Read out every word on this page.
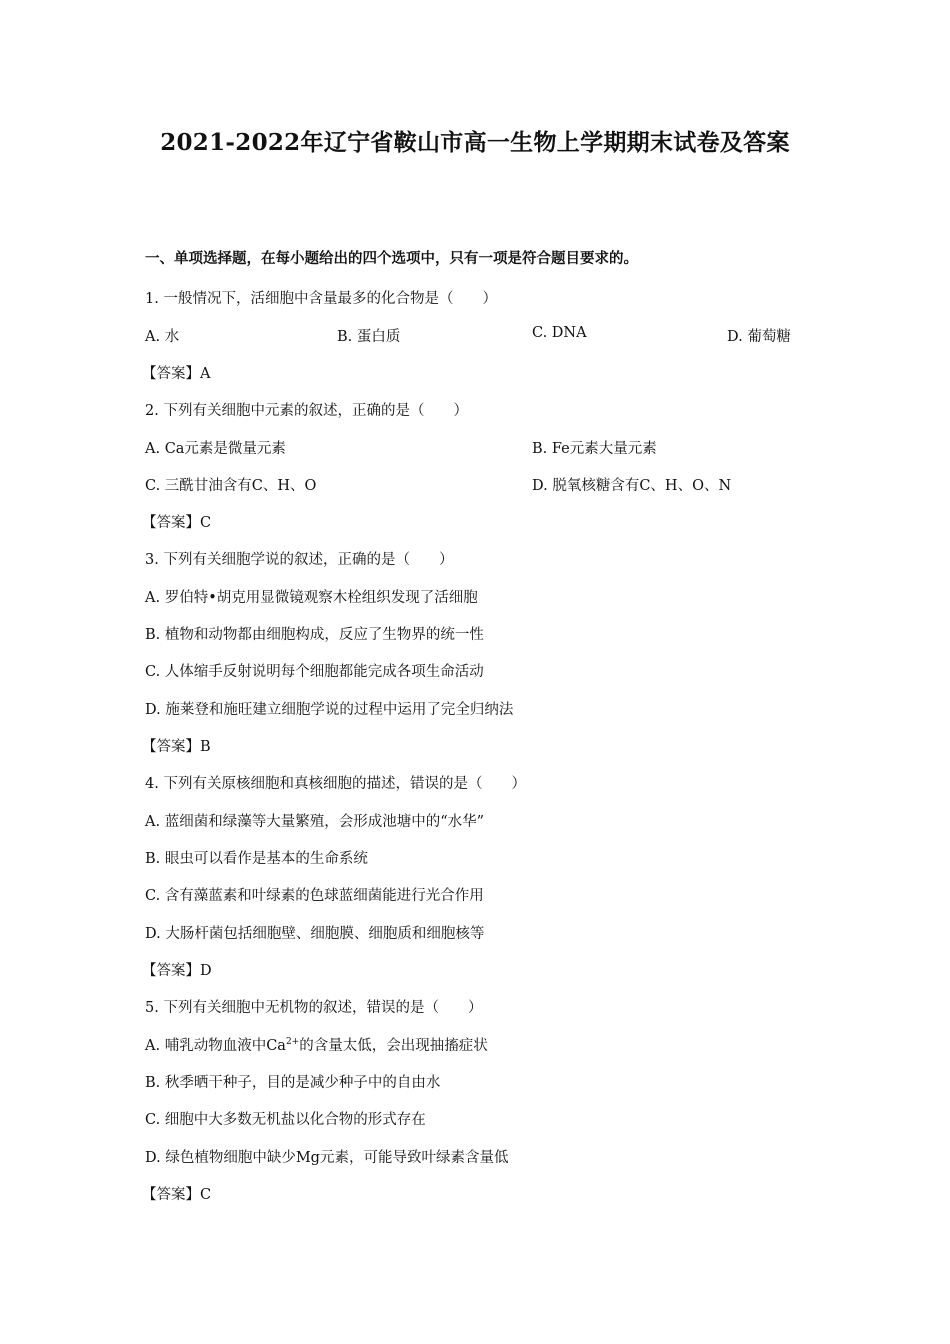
2021-2022年辽宁省鞍山市高一生物上学期期末试卷及答案
一、单项选择题，在每小题给出的四个选项中，只有一项是符合题目要求的。
1. 一般情况下，活细胞中含量最多的化合物是（　　）
A. 水	B. 蛋白质	C. DNA	D. 葡萄糖
【答案】A
2. 下列有关细胞中元素的叙述，正确的是（　　）
A. Ca元素是微量元素	B. Fe元素大量元素
C. 三酰甘油含有C、H、O	D. 脱氧核糖含有C、H、O、N
【答案】C
3. 下列有关细胞学说的叙述，正确的是（　　）
A. 罗伯特•胡克用显微镜观察木栓组织发现了活细胞
B. 植物和动物都由细胞构成，反应了生物界的统一性
C. 人体缩手反射说明每个细胞都能完成各项生命活动
D. 施莱登和施旺建立细胞学说的过程中运用了完全归纳法
【答案】B
4. 下列有关原核细胞和真核细胞的描述，错误的是（　　）
A. 蓝细菌和绿藻等大量繁殖，会形成池塘中的“水华”
B. 眼虫可以看作是基本的生命系统
C. 含有藻蓝素和叶绿素的色球蓝细菌能进行光合作用
D. 大肠杆菌包括细胞壁、细胞膜、细胞质和细胞核等
【答案】D
5. 下列有关细胞中无机物的叙述，错误的是（　　）
A. 哺乳动物血液中$Ca^{2+}$的含量太低，会出现抽搐症状
B. 秋季晒干种子，目的是减少种子中的自由水
C. 细胞中大多数无机盐以化合物的形式存在
D. 绿色植物细胞中缺少Mg元素，可能导致叶绿素含量低
【答案】C
